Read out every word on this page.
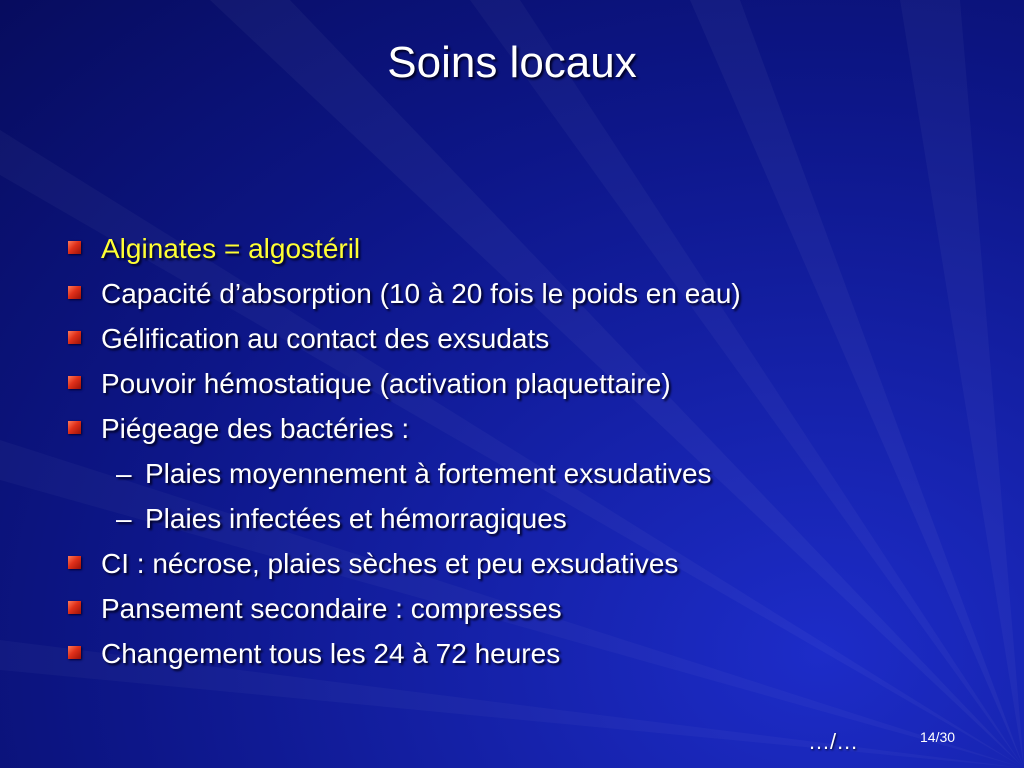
Soins locaux
Alginates = algostéril
Capacité d’absorption (10 à 20 fois le poids en eau)
Gélification au contact des exsudats
Pouvoir hémostatique (activation plaquettaire)
Piégeage des bactéries :
– Plaies moyennement à fortement exsudatives
– Plaies infectées et hémorragiques
CI : nécrose, plaies sèches et peu exsudatives
Pansement secondaire : compresses
Changement tous les 24 à 72 heures
…/…	14/30
